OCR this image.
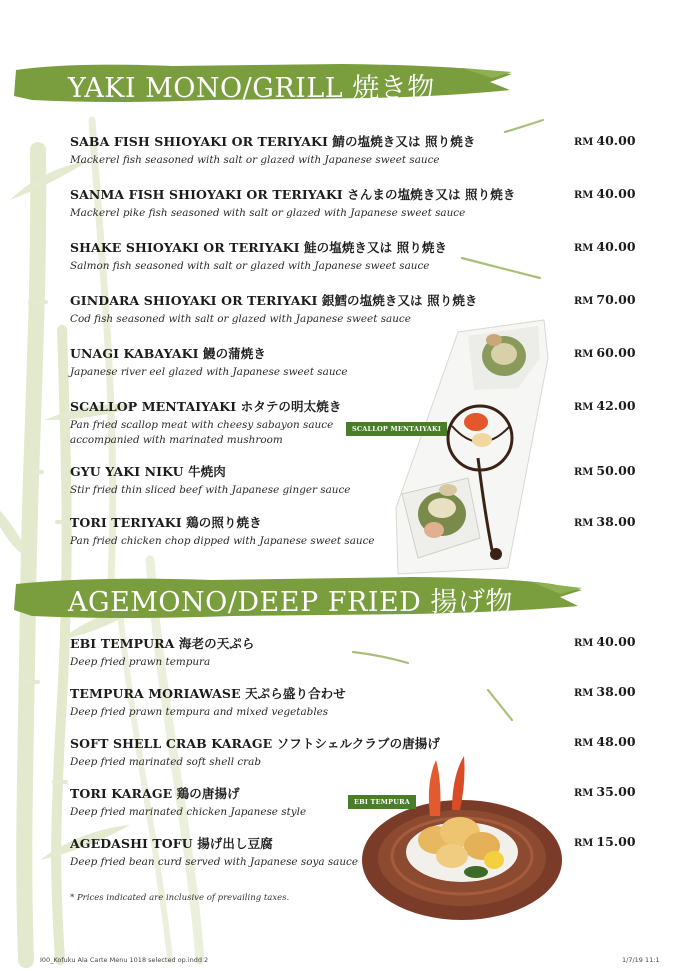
YAKI MONO/GRILL 焼き物
SABA FISH SHIOYAKI OR TERIYAKI 鯖の塩焼き又は 照り焼き
Mackerel fish seasoned with salt or glazed with Japanese sweet sauce
RM 40.00
SANMA FISH SHIOYAKI OR TERIYAKI さんまの塩焼き又は 照り焼き
Mackerel pike fish seasoned with salt or glazed with Japanese sweet sauce
RM 40.00
SHAKE SHIOYAKI OR TERIYAKI 鮭の塩焼き又は 照り焼き
Salmon fish seasoned with salt or glazed with Japanese sweet sauce
RM 40.00
GINDARA SHIOYAKI OR TERIYAKI 銀鱈の塩焼き又は 照り焼き
Cod fish seasoned with salt or glazed with Japanese sweet sauce
RM 70.00
UNAGI KABAYAKI 鰻の蒲焼き
Japanese river eel glazed with Japanese sweet sauce
RM 60.00
SCALLOP MENTAIYAKI ホタテの明太焼き
Pan fried scallop meat with cheesy sabayon sauce
accompanied with marinated mushroom
RM 42.00
GYU YAKI NIKU 牛焼肉
Stir fried thin sliced beef with Japanese ginger sauce
RM 50.00
TORI TERIYAKI 鶏の照り焼き
Pan fried chicken chop dipped with Japanese sweet sauce
RM 38.00
SCALLOP MENTAIYAKI
AGEMONO/DEEP FRIED 揚げ物
EBI TEMPURA 海老の天ぷら
Deep fried prawn tempura
RM 40.00
TEMPURA MORIAWASE 天ぷら盛り合わせ
Deep fried prawn tempura and mixed vegetables
RM 38.00
SOFT SHELL CRAB KARAGE ソフトシェルクラブの唐揚げ
Deep fried marinated soft shell crab
RM 48.00
TORI KARAGE 鶏の唐揚げ
Deep fried marinated chicken Japanese style
RM 35.00
AGEDASHI TOFU 揚げ出し豆腐
Deep fried bean curd served with Japanese soya sauce
RM 15.00
EBI TEMPURA
* Prices indicated are inclusive of prevailing taxes.
I00_Kofuku Ala Carte Menu 1018 selected op.indd 2	1/7/19 11:1
